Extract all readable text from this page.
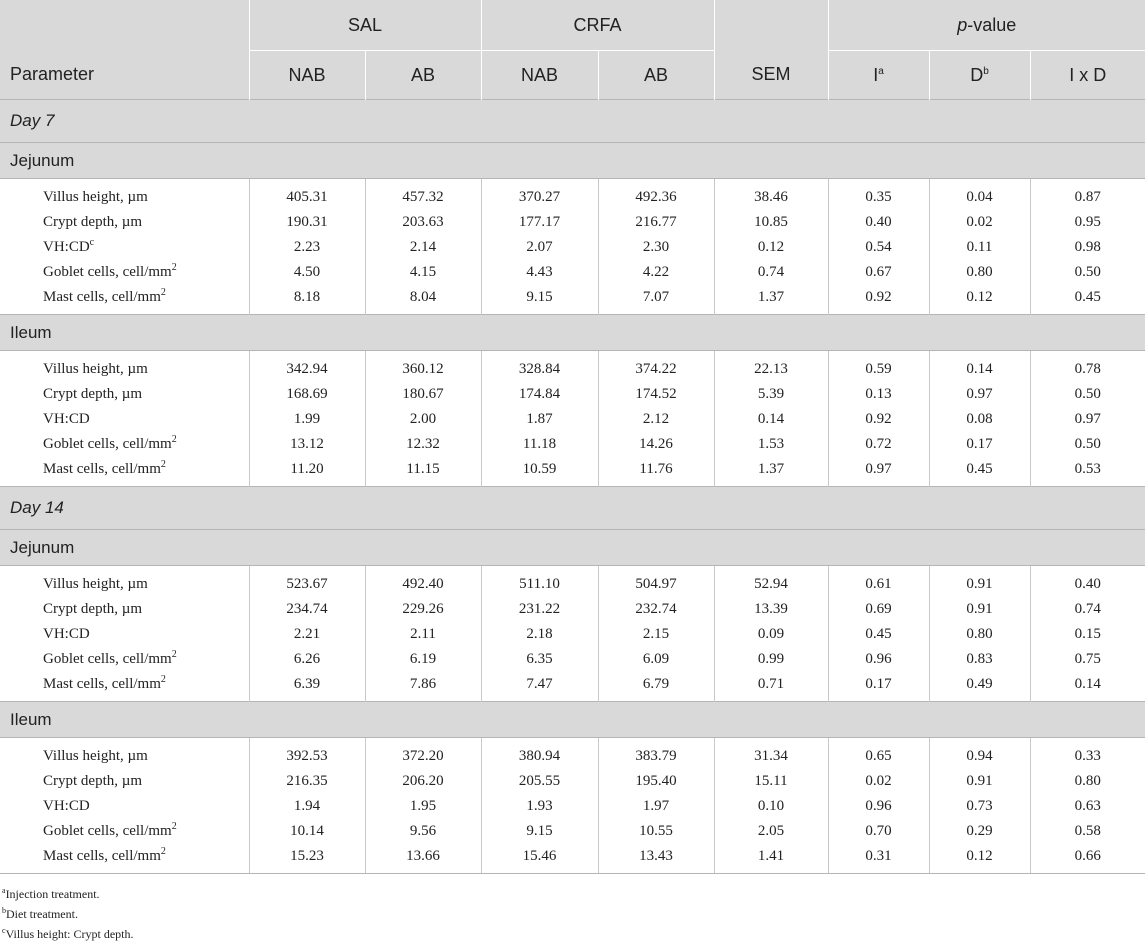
	SAL		CRFA			p-value		
Parameter	NAB	AB	NAB	AB	SEM	$I^a$	$D^b$	I x D
Day 7								
Jejunum								
Villus height, µm	405.31	457.32	370.27	492.36	38.46	0.35	0.04	0.87
Crypt depth, µm	190.31	203.63	177.17	216.77	10.85	0.40	0.02	0.95
$VH:CD^c$	2.23	2.14	2.07	2.30	0.12	0.54	0.11	0.98
Goblet cells, cell/$mm^2$	4.50	4.15	4.43	4.22	0.74	0.67	0.80	0.50
Mast cells, cell/$mm^2$	8.18	8.04	9.15	7.07	1.37	0.92	0.12	0.45
Ileum								
Villus height, µm	342.94	360.12	328.84	374.22	22.13	0.59	0.14	0.78
Crypt depth, µm	168.69	180.67	174.84	174.52	5.39	0.13	0.97	0.50
VH:CD	1.99	2.00	1.87	2.12	0.14	0.92	0.08	0.97
Goblet cells, cell/$mm^2$	13.12	12.32	11.18	14.26	1.53	0.72	0.17	0.50
Mast cells, cell/$mm^2$	11.20	11.15	10.59	11.76	1.37	0.97	0.45	0.53
Day 14								
Jejunum								
Villus height, µm	523.67	492.40	511.10	504.97	52.94	0.61	0.91	0.40
Crypt depth, µm	234.74	229.26	231.22	232.74	13.39	0.69	0.91	0.74
VH:CD	2.21	2.11	2.18	2.15	0.09	0.45	0.80	0.15
Goblet cells, cell/$mm^2$	6.26	6.19	6.35	6.09	0.99	0.96	0.83	0.75
Mast cells, cell/$mm^2$	6.39	7.86	7.47	6.79	0.71	0.17	0.49	0.14
Ileum								
Villus height, µm	392.53	372.20	380.94	383.79	31.34	0.65	0.94	0.33
Crypt depth, µm	216.35	206.20	205.55	195.40	15.11	0.02	0.91	0.80
VH:CD	1.94	1.95	1.93	1.97	0.10	0.96	0.73	0.63
Goblet cells, cell/$mm^2$	10.14	9.56	9.15	10.55	2.05	0.70	0.29	0.58
Mast cells, cell/$mm^2$	15.23	13.66	15.46	13.43	1.41	0.31	0.12	0.66
$^a$Injection treatment.
$^b$Diet treatment.
$^c$Villus height: Crypt depth.
